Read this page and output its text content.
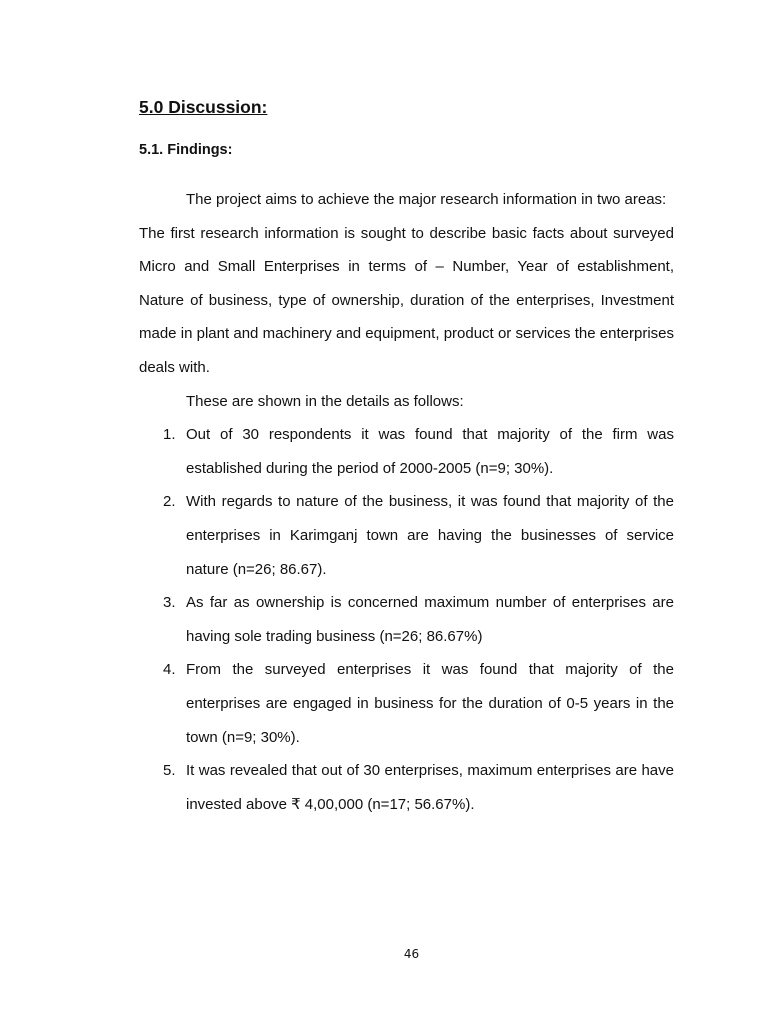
5.0 Discussion:
5.1. Findings:

The project aims to achieve the major research information in two areas:

The first research information is sought to describe basic facts about surveyed Micro and Small Enterprises in terms of – Number, Year of establishment, Nature of business, type of ownership, duration of the enterprises, Investment made in plant and machinery and equipment, product or services the enterprises deals with.

These are shown in the details as follows:

1. Out of 30 respondents it was found that majority of the firm was established during the period of 2000-2005 (n=9; 30%).
2. With regards to nature of the business, it was found that majority of the enterprises in Karimganj town are having the businesses of service nature (n=26; 86.67).
3. As far as ownership is concerned maximum number of enterprises are having sole trading business (n=26; 86.67%)
4. From the surveyed enterprises it was found that majority of the enterprises are engaged in business for the duration of 0-5 years in the town (n=9; 30%).
5. It was revealed that out of 30 enterprises, maximum enterprises are have invested above ₹ 4,00,000 (n=17; 56.67%).
46
